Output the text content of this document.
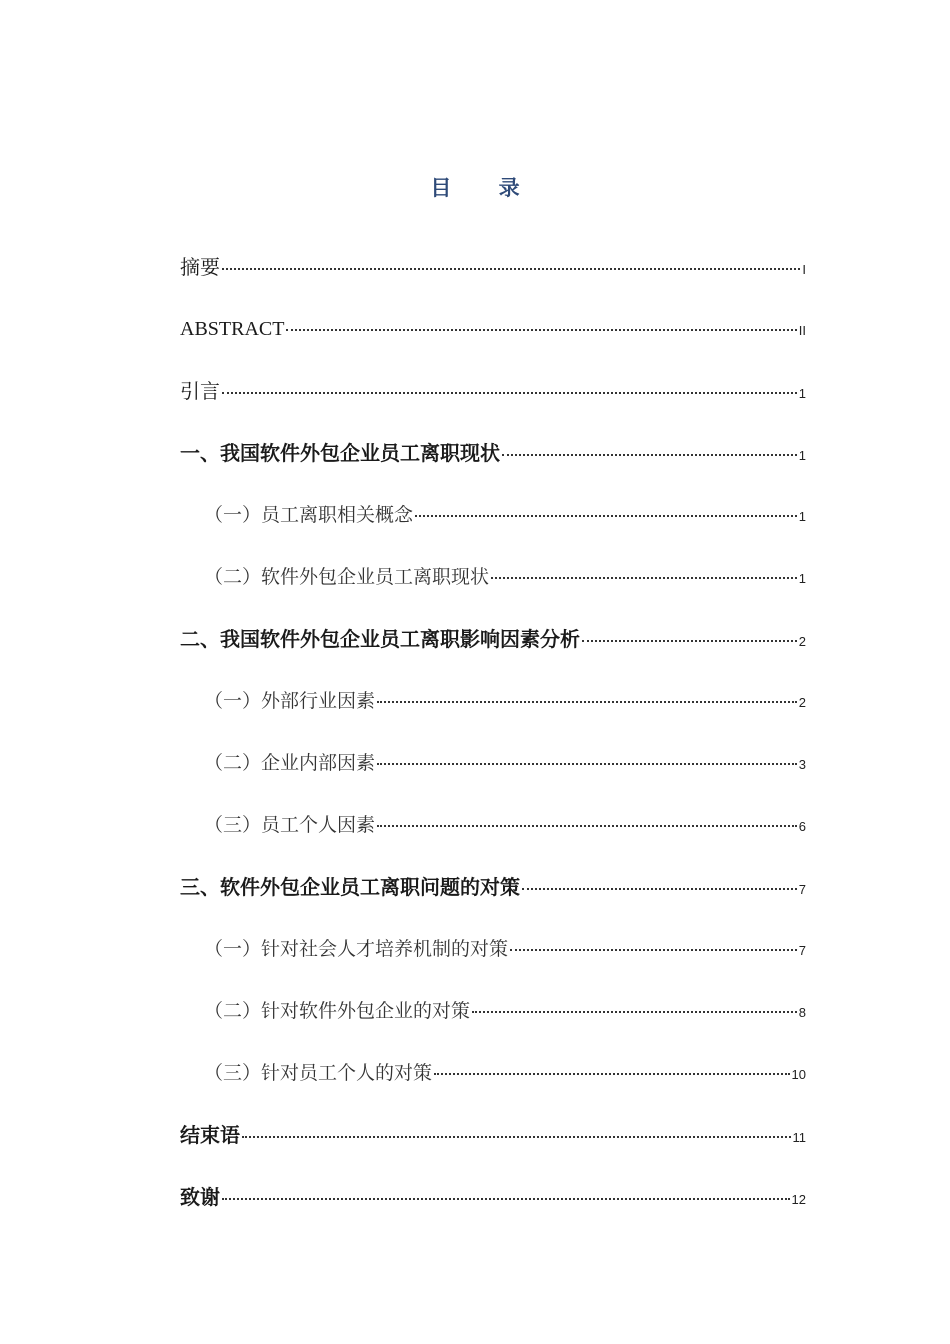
目 录
摘要	I
ABSTRACT	II
引言	1
一、我国软件外包企业员工离职现状	1
（一）员工离职相关概念	1
（二）软件外包企业员工离职现状	1
二、我国软件外包企业员工离职影响因素分析	2
（一）外部行业因素	2
（二）企业内部因素	3
（三）员工个人因素	6
三、软件外包企业员工离职问题的对策	7
（一）针对社会人才培养机制的对策	7
（二）针对软件外包企业的对策	8
（三）针对员工个人的对策	10
结束语	11
致谢	12
